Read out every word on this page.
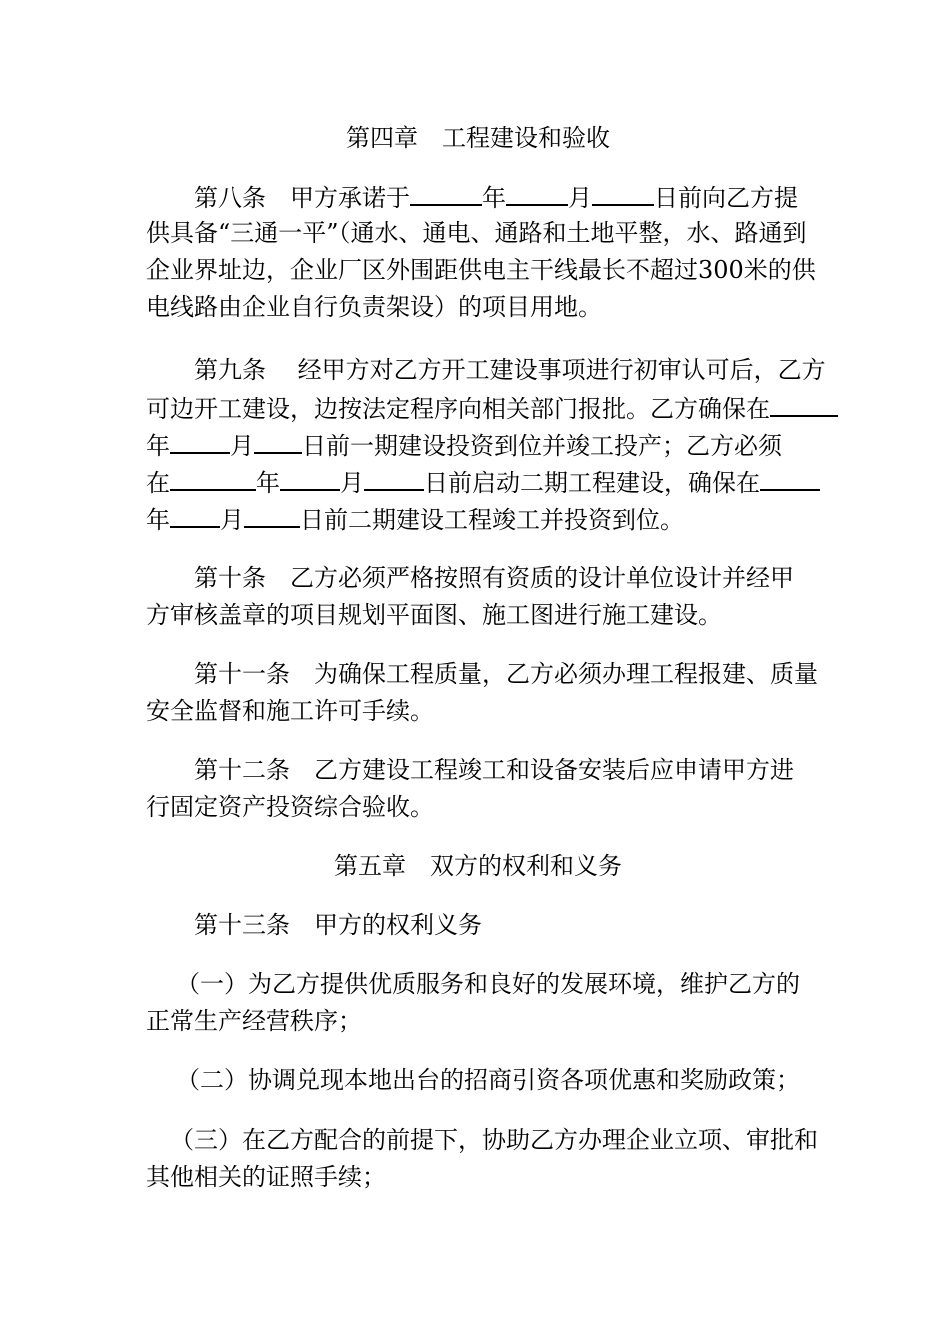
第四章　工程建设和验收
第八条　甲方承诺于	年	月	日前向乙方提
供具备“三通一平”（通水、通电、通路和土地平整，水、路通到
企业界址边，企业厂区外围距供电主干线最长不超过300米的供
电线路由企业自行负责架设）的项目用地。
第九条　 经甲方对乙方开工建设事项进行初审认可后，乙方
可边开工建设，边按法定程序向相关部门报批。乙方确保在
年	月 日前一期建设投资到位并竣工投产；乙方必须
在	年	月	日前启动二期工程建设，确保在
年 月 日前二期建设工程竣工并投资到位。
第十条　乙方必须严格按照有资质的设计单位设计并经甲
方审核盖章的项目规划平面图、施工图进行施工建设。
第十一条　为确保工程质量，乙方必须办理工程报建、质量
安全监督和施工许可手续。
第十二条　乙方建设工程竣工和设备安装后应申请甲方进
行固定资产投资综合验收。
第五章　双方的权利和义务
第十三条　甲方的权利义务
（一）为乙方提供优质服务和良好的发展环境，维护乙方的
正常生产经营秩序；
（二）协调兑现本地出台的招商引资各项优惠和奖励政策；
（三）在乙方配合的前提下，协助乙方办理企业立项、审批和
其他相关的证照手续；
